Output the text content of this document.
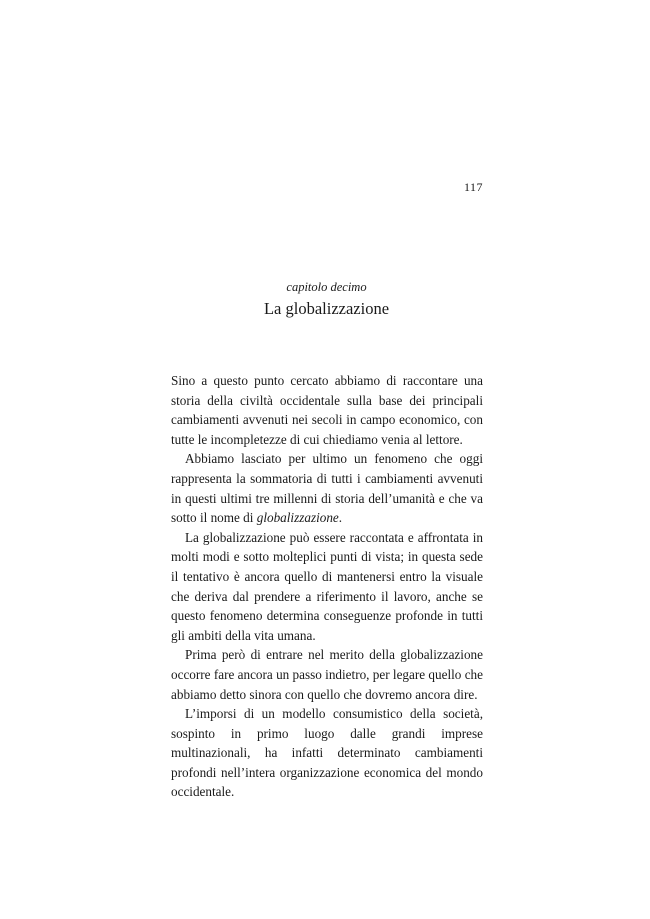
117
capitolo decimo
La globalizzazione

Sino a questo punto cercato abbiamo di raccontare una storia della civiltà occidentale sulla base dei principali cambiamenti avvenuti nei secoli in campo economico, con tutte le incompletezze di cui chiediamo venia al lettore.

Abbiamo lasciato per ultimo un fenomeno che oggi rappresenta la sommatoria di tutti i cambiamenti avvenuti in questi ultimi tre millenni di storia dell’umanità e che va sotto il nome di globalizzazione.

La globalizzazione può essere raccontata e affrontata in molti modi e sotto molteplici punti di vista; in questa sede il tentativo è ancora quello di mantenersi entro la visuale che deriva dal prendere a riferimento il lavoro, anche se questo fenomeno determina conseguenze profonde in tutti gli ambiti della vita umana.

Prima però di entrare nel merito della globalizzazione occorre fare ancora un passo indietro, per legare quello che abbiamo detto sinora con quello che dovremo ancora dire.

L’imporsi di un modello consumistico della società, sospinto in primo luogo dalle grandi imprese multinazionali, ha infatti determinato cambiamenti profondi nell’intera organizzazione economica del mondo occidentale.
